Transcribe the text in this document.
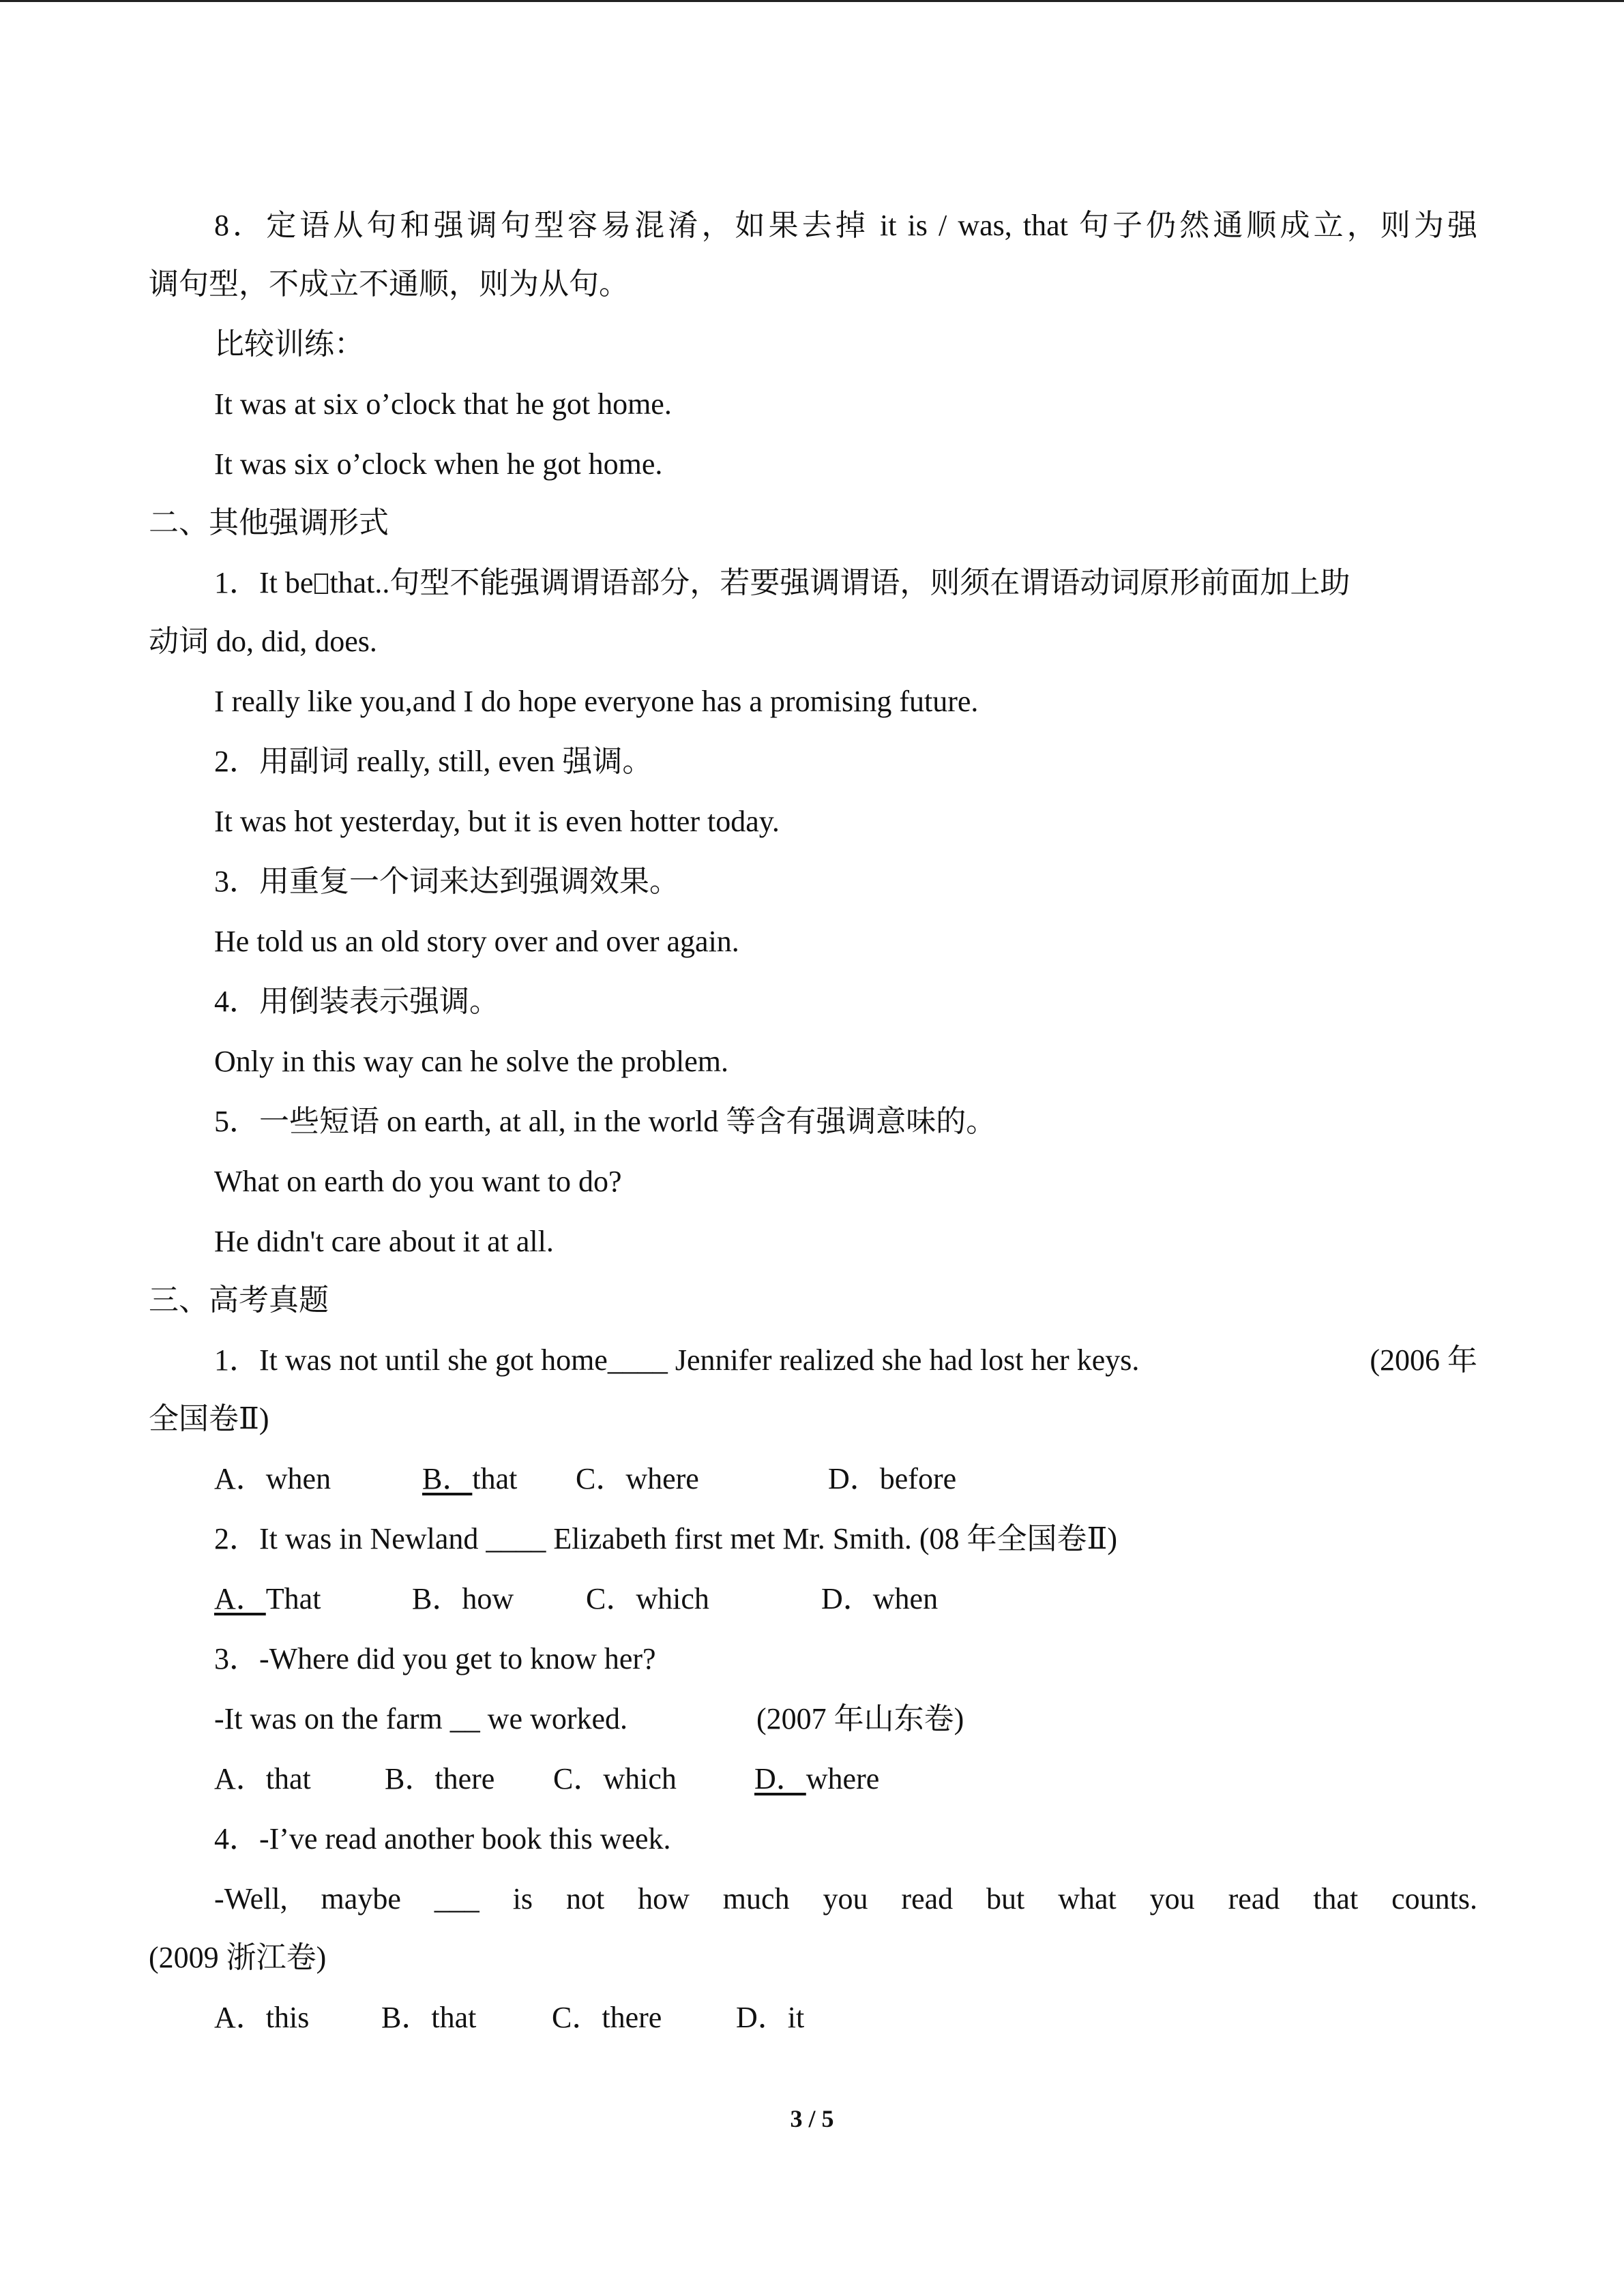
8．定语从句和强调句型容易混淆，如果去掉 it is / was, that 句子仍然通顺成立，则为强
调句型，不成立不通顺，则为从句。
比较训练：
It was at six o’clock that he got home.
It was six o’clock when he got home.
二、其他强调形式
1．It be that..句型不能强调谓语部分，若要强调谓语，则须在谓语动词原形前面加上助
动词 do, did, does.
I really like you,and I do hope everyone has a promising future.
2．用副词 really, still, even 强调。
It was hot yesterday, but it is even hotter today.
3．用重复一个词来达到强调效果。
He told us an old story over and over again.
4．用倒装表示强调。
Only in this way can he solve the problem.
5．一些短语 on earth, at all, in the world 等含有强调意味的。
What on earth do you want to do?
He didn't care about it at all.
三、高考真题
1．It was not until she got home____ Jennifer realized she had lost her keys.	(2006 年
全国卷Ⅱ)
A．when	B．that C．where	D．before
2．It was in Newland ____ Elizabeth first met Mr. Smith. (08 年全国卷Ⅱ)
A．That	B．how C．which	D．when
3．-Where did you get to know her?
-It was on the farm __ we worked.	(2007 年山东卷)
A．that B．there C．which	D．where
4．-I’ve read another book this week.
-Well, maybe ___ is not how much you read but what you read that counts.
(2009 浙江卷)
A．this B．that	C．there D．it
3 / 5
